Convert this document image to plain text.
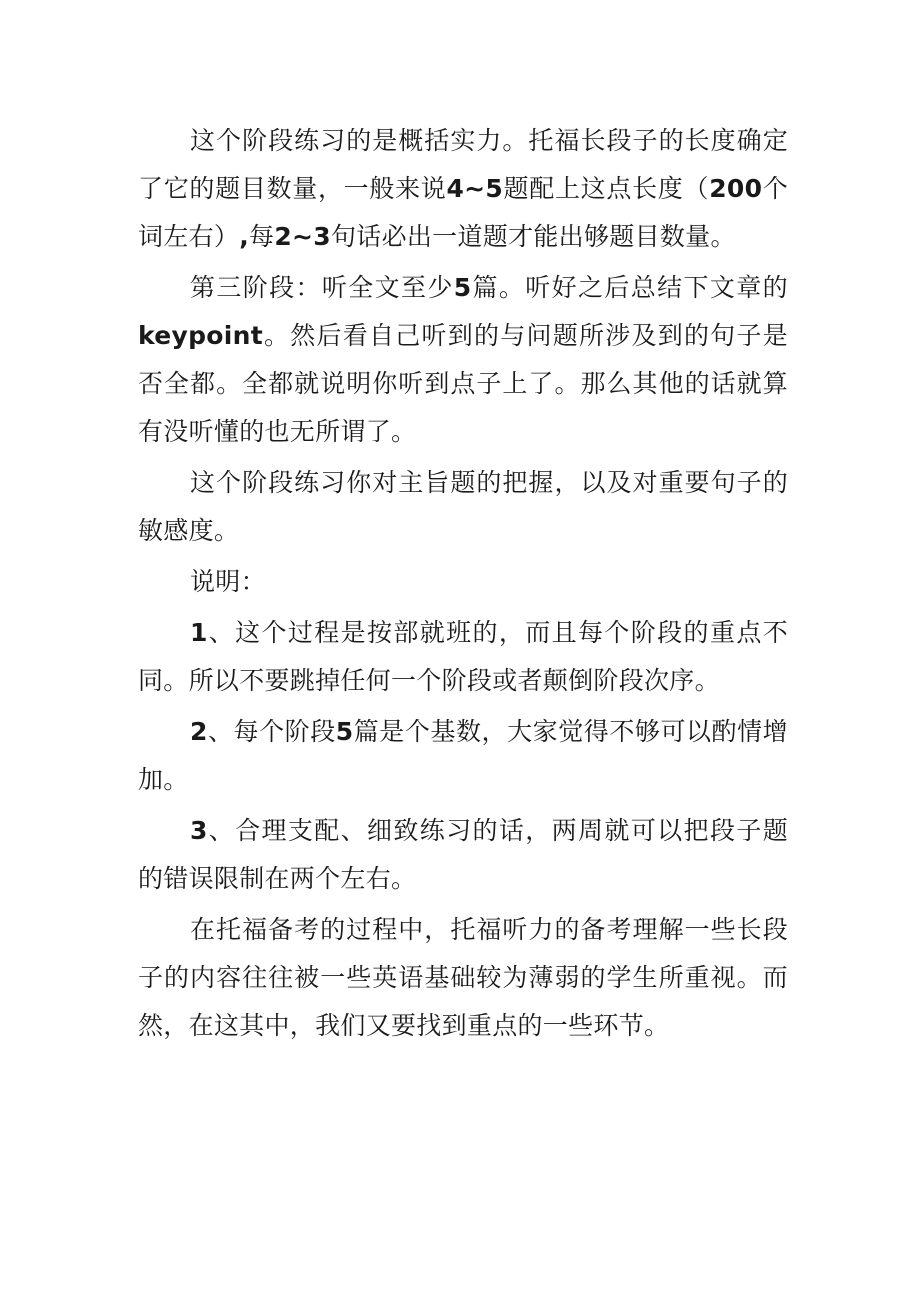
这个阶段练习的是概括实力。托福长段子的长度确定了它的题目数量，一般来说4~5题配上这点长度（200个词左右）,每2~3句话必出一道题才能出够题目数量。

第三阶段：听全文至少5篇。听好之后总结下文章的keypoint。然后看自己听到的与问题所涉及到的句子是否全都。全都就说明你听到点子上了。那么其他的话就算有没听懂的也无所谓了。

这个阶段练习你对主旨题的把握，以及对重要句子的敏感度。

说明：

1、这个过程是按部就班的，而且每个阶段的重点不同。所以不要跳掉任何一个阶段或者颠倒阶段次序。

2、每个阶段5篇是个基数，大家觉得不够可以酌情增加。

3、合理支配、细致练习的话，两周就可以把段子题的错误限制在两个左右。

在托福备考的过程中，托福听力的备考理解一些长段子的内容往往被一些英语基础较为薄弱的学生所重视。而然，在这其中，我们又要找到重点的一些环节。
